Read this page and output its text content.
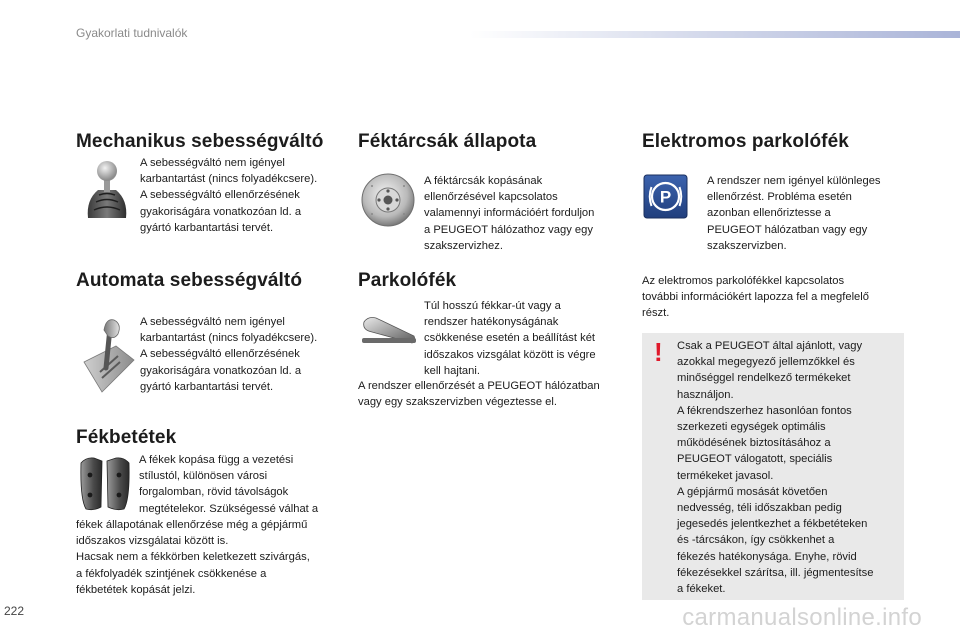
Gyakorlati tudnivalók
Mechanikus sebességváltó

A sebességváltó nem igényel
karbantartást (nincs folyadékcsere).
A sebességváltó ellenőrzésének
gyakoriságára vonatkozóan ld. a
gyártó karbantartási tervét.

Automata sebességváltó

A sebességváltó nem igényel
karbantartást (nincs folyadékcsere).
A sebességváltó ellenőrzésének
gyakoriságára vonatkozóan ld. a
gyártó karbantartási tervét.

Fékbetétek

A fékek kopása függ a vezetési
stílustól, különösen városi
forgalomban, rövid távolságok
megtételekor. Szükségessé válhat a

fékek állapotának ellenőrzése még a gépjármű
időszakos vizsgálatai között is.
Hacsak nem a fékkörben keletkezett szivárgás,
a fékfolyadék szintjének csökkenése a
fékbetétek kopását jelzi.

Féktárcsák állapota

A féktárcsák kopásának
ellenőrzésével kapcsolatos
valamennyi információért forduljon
a PEUGEOT hálózathoz vagy egy
szakszervizhez.

Parkolófék

Túl hosszú fékkar-út vagy a
rendszer hatékonyságának
csökkenése esetén a beállítást két
időszakos vizsgálat között is végre
kell hajtani.

A rendszer ellenőrzését a PEUGEOT hálózatban
vagy egy szakszervizben végeztesse el.

Elektromos parkolófék
P

A rendszer nem igényel különleges
ellenőrzést. Probléma esetén
azonban ellenőriztesse a
PEUGEOT hálózatban vagy egy
szakszervizben.

Az elektromos parkolófékkel kapcsolatos
további információkért lapozza fel a megfelelő
részt.

! Csak a PEUGEOT által ajánlott, vagy
azokkal megegyező jellemzőkkel és
minőséggel rendelkező termékeket
használjon.
A fékrendszerhez hasonlóan fontos
szerkezeti egységek optimális
működésének biztosításához a
PEUGEOT válogatott, speciális
termékeket javasol.
A gépjármű mosását követően
nedvesség, téli időszakban pedig
jegesedés jelentkezhet a fékbetéteken
és -tárcsákon, így csökkenhet a
fékezés hatékonysága. Enyhe, rövid
fékezésekkel szárítsa, ill. jégmentesítse
a fékeket.

222	carmanualsonline.info
